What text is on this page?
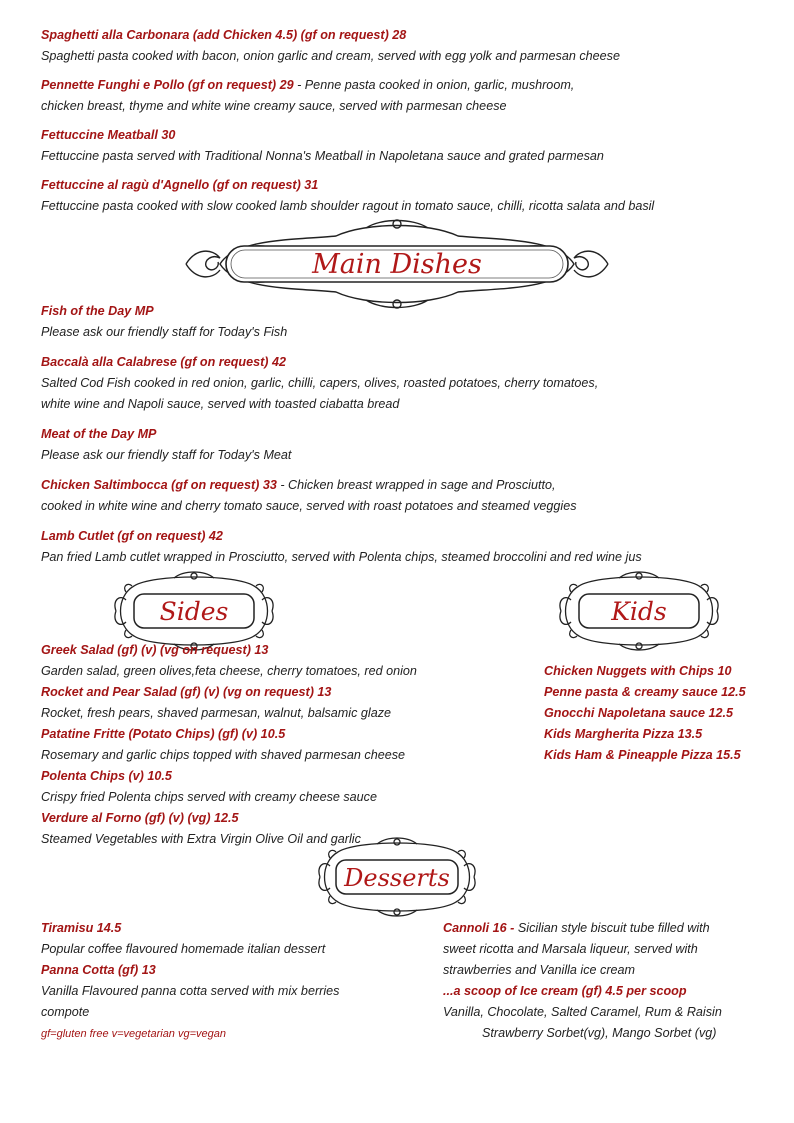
Spaghetti alla Carbonara (add Chicken 4.5) (gf on request) 28
Spaghetti pasta cooked with bacon, onion garlic and cream, served with egg yolk and parmesan cheese
Pennette Funghi e Pollo (gf on request) 29 - Penne pasta cooked in onion, garlic, mushroom,
chicken breast, thyme and white wine creamy sauce, served with parmesan cheese
Fettuccine Meatball 30
Fettuccine pasta served with Traditional Nonna's Meatball in Napoletana sauce and grated parmesan
Fettuccine al ragù d'Agnello (gf on request) 31
Fettuccine pasta cooked with slow cooked lamb shoulder ragout in tomato sauce, chilli, ricotta salata and basil
Main Dishes
Fish of the Day MP
Please ask our friendly staff for Today's Fish
Baccalà alla Calabrese (gf on request) 42
Salted Cod Fish cooked in red onion, garlic, chilli, capers, olives, roasted potatoes, cherry tomatoes,
white wine and Napoli sauce, served with toasted ciabatta bread
Meat of the Day MP
Please ask our friendly staff for Today's Meat
Chicken Saltimbocca (gf on request) 33 - Chicken breast wrapped in sage and Prosciutto,
cooked in white wine and cherry tomato sauce, served with roast potatoes and steamed veggies
Lamb Cutlet (gf on request) 42
Pan fried Lamb cutlet wrapped in Prosciutto, served with Polenta chips, steamed broccolini and red wine jus
Sides	Kids
Greek Salad (gf) (v) (vg on request) 13
Garden salad, green olives,feta cheese, cherry tomatoes, red onion
Rocket and Pear Salad (gf) (v) (vg on request) 13
Rocket, fresh pears, shaved parmesan, walnut, balsamic glaze
Patatine Fritte (Potato Chips) (gf) (v) 10.5
Rosemary and garlic chips topped with shaved parmesan cheese
Polenta Chips (v) 10.5
Crispy fried Polenta chips served with creamy cheese sauce
Verdure al Forno (gf) (v) (vg) 12.5
Steamed Vegetables with Extra Virgin Olive Oil and garlic
Chicken Nuggets with Chips 10
Penne pasta & creamy sauce 12.5
Gnocchi Napoletana sauce 12.5
Kids Margherita Pizza 13.5
Kids Ham & Pineapple Pizza 15.5
Desserts
Tiramisu 14.5
Popular coffee flavoured homemade italian dessert
Panna Cotta (gf) 13
Vanilla Flavoured panna cotta served with mix berries
compote
gf=gluten free v=vegetarian vg=vegan
Cannoli 16 - Sicilian style biscuit tube filled with
sweet ricotta and Marsala liqueur, served with
strawberries and Vanilla ice cream
...a scoop of Ice cream (gf) 4.5 per scoop
Vanilla, Chocolate, Salted Caramel, Rum & Raisin
Strawberry Sorbet(vg), Mango Sorbet (vg)
